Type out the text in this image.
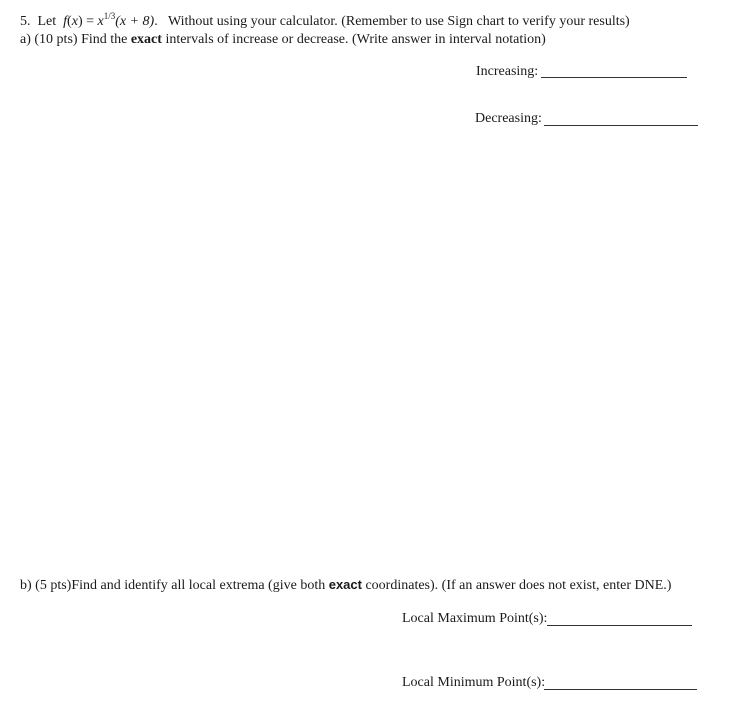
5. Let $f(x) = x^{1/3}(x + 8)$. Without using your calculator. (Remember to use Sign chart to verify your results)
a) (10 pts) Find the exact intervals of increase or decrease. (Write answer in interval notation)
Increasing:
Decreasing:
b) (5 pts)Find and identify all local extrema (give both exact coordinates). (If an answer does not exist, enter DNE.)
Local Maximum Point(s):
Local Minimum Point(s):
